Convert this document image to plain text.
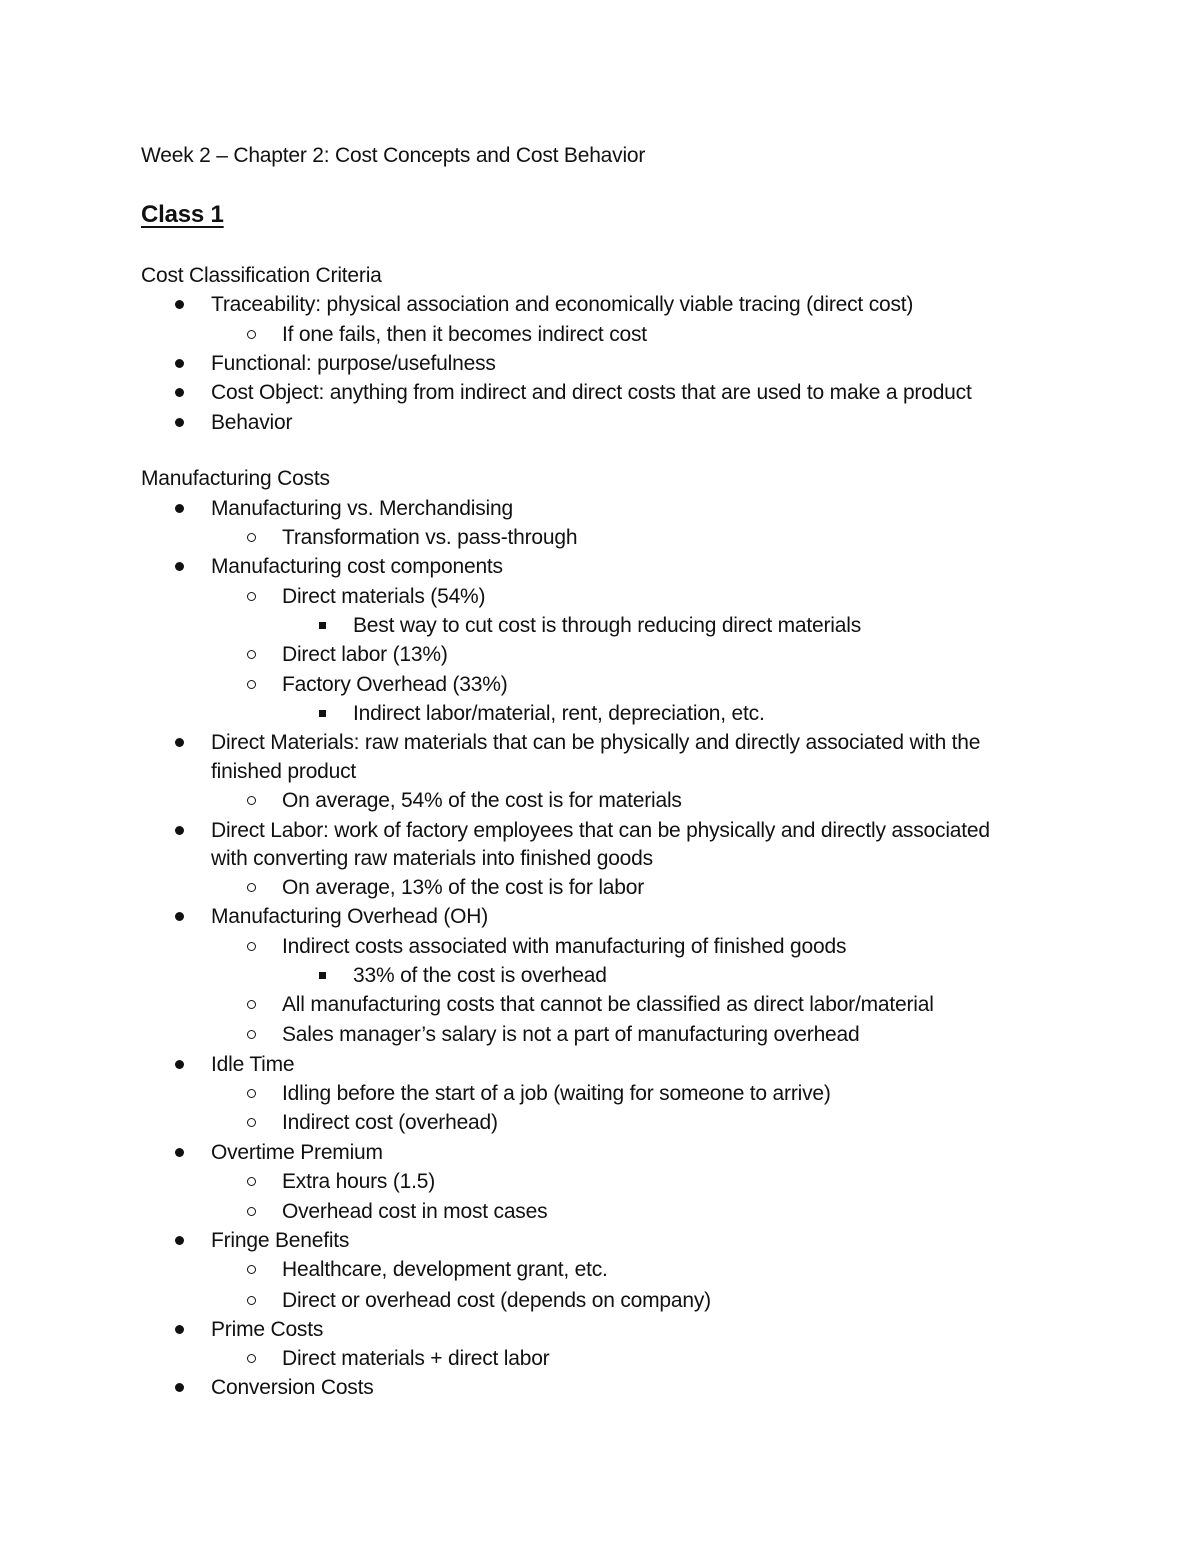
Week 2 – Chapter 2: Cost Concepts and Cost Behavior
Class 1
Cost Classification Criteria
Traceability: physical association and economically viable tracing (direct cost)
If one fails, then it becomes indirect cost
Functional: purpose/usefulness
Cost Object: anything from indirect and direct costs that are used to make a product
Behavior
Manufacturing Costs
Manufacturing vs. Merchandising
Transformation vs. pass-through
Manufacturing cost components
Direct materials (54%)
Best way to cut cost is through reducing direct materials
Direct labor (13%)
Factory Overhead (33%)
Indirect labor/material, rent, depreciation, etc.
Direct Materials: raw materials that can be physically and directly associated with the
finished product
On average, 54% of the cost is for materials
Direct Labor: work of factory employees that can be physically and directly associated
with converting raw materials into finished goods
On average, 13% of the cost is for labor
Manufacturing Overhead (OH)
Indirect costs associated with manufacturing of finished goods
33% of the cost is overhead
All manufacturing costs that cannot be classified as direct labor/material
Sales manager’s salary is not a part of manufacturing overhead
Idle Time
Idling before the start of a job (waiting for someone to arrive)
Indirect cost (overhead)
Overtime Premium
Extra hours (1.5)
Overhead cost in most cases
Fringe Benefits
Healthcare, development grant, etc.
Direct or overhead cost (depends on company)
Prime Costs
Direct materials + direct labor
Conversion Costs
